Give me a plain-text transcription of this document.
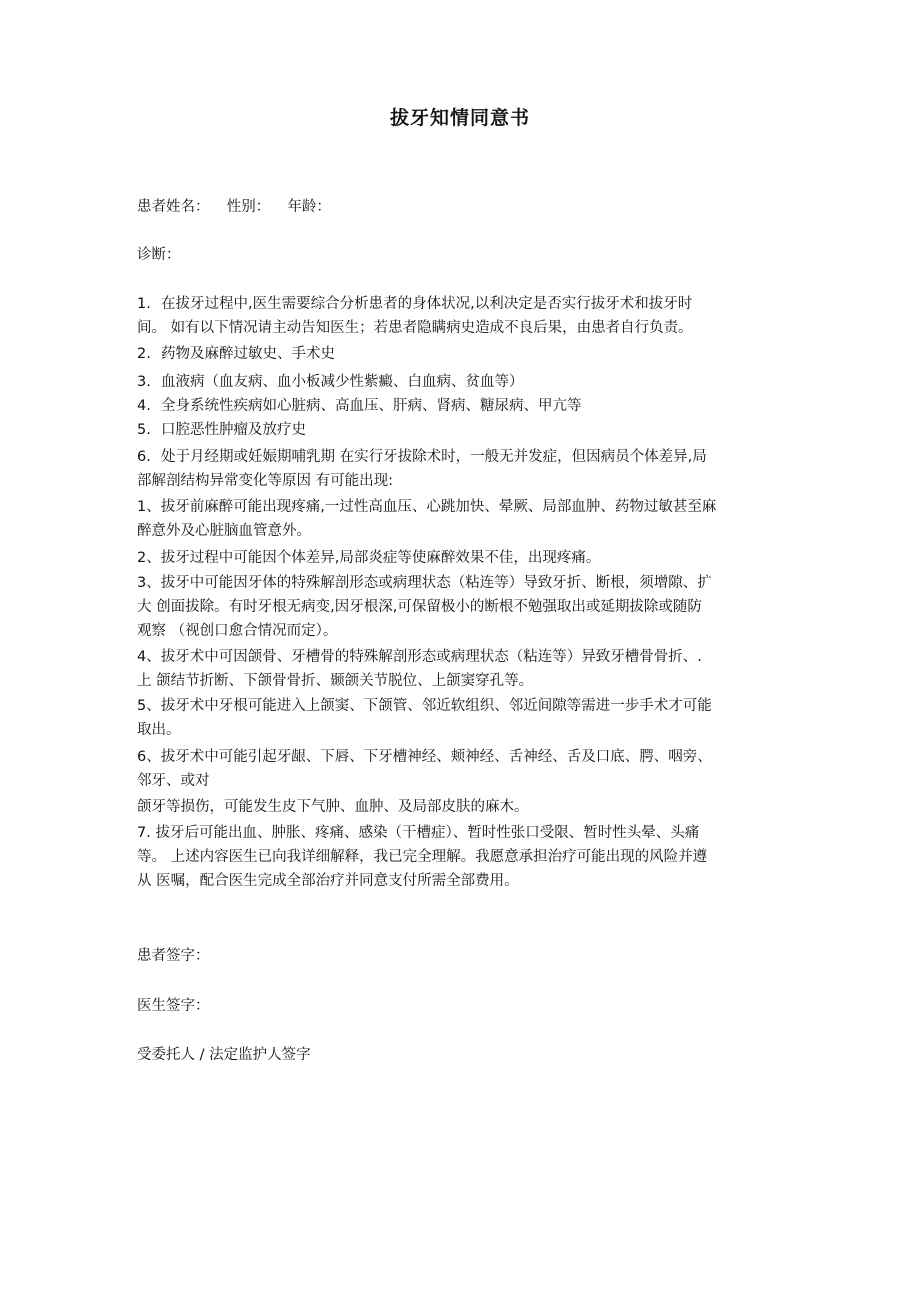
拔牙知情同意书

患者姓名： 性别： 年龄：

诊断：

1. 在拔牙过程中,医生需要综合分析患者的身体状况,以利决定是否实行拔牙术和拔牙时

间。 如有以下情况请主动告知医生；若患者隐瞒病史造成不良后果，由患者自行负责。

2. 药物及麻醉过敏史、手术史

3. 血液病（血友病、血小板减少性紫癜、白血病、贫血等）

4. 全身系统性疾病如心脏病、高血压、肝病、肾病、糖尿病、甲亢等

5. 口腔恶性肿瘤及放疗史

6. 处于月经期或妊娠期哺乳期 在实行牙拔除术时，一般无并发症，但因病员个体差异,局

部解剖结构异常变化等原因 有可能出现:

1、拔牙前麻醉可能出现疼痛,一过性高血压、心跳加快、晕厥、局部血肿、药物过敏甚至麻

醉意外及心脏脑血管意外。

2、拔牙过程中可能因个体差异,局部炎症等使麻醉效果不佳，出现疼痛。

3、拔牙中可能因牙体的特殊解剖形态或病理状态（粘连等）导致牙折、断根，须增隙、扩

大 创面拔除。有时牙根无病变,因牙根深,可保留极小的断根不勉强取出或延期拔除或随防

观察 （视创口愈合情况而定）。

4、拔牙术中可因颌骨、牙槽骨的特殊解剖形态或病理状态（粘连等）异致牙槽骨骨折、.

上 颌结节折断、下颌骨骨折、颞颌关节脱位、上颌窦穿孔等。

5、拔牙术中牙根可能进入上颌窦、下颌管、邻近软组织、邻近间隙等需进一步手术才可能

取出。

6、拔牙术中可能引起牙龈、下唇、下牙槽神经、颊神经、舌神经、舌及口底、腭、咽旁、

邻牙、或对

颌牙等损伤，可能发生皮下气肿、血肿、及局部皮肤的麻木。

7. 拔牙后可能出血、肿胀、疼痛、感染（干槽症）、暂时性张口受限、暂时性头晕、头痛

等。 上述内容医生已向我详细解释，我已完全理解。我愿意承担治疗可能出现的风险并遵

从 医嘱，配合医生完成全部治疗并同意支付所需全部费用。

患者签字：

医生签字：

受委托人 / 法定监护人签字
